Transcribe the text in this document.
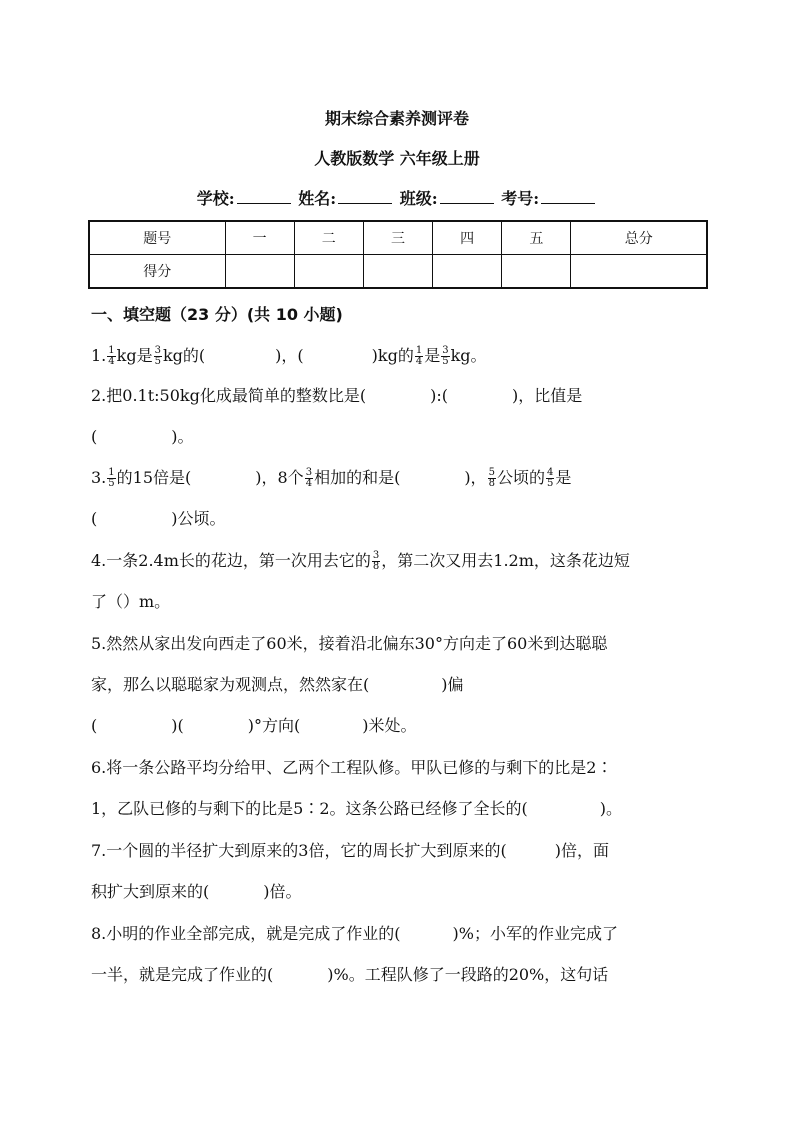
期末综合素养测评卷
人教版数学 六年级上册
学校:	姓名:	班级:	考号:
题号	一	二	三	四	五	总分
得分						
一、填空题（23 分）(共 10 小题)
1. $\frac{1}{4}$ kg是 $\frac{3}{5}$ kg的(	)，(	)kg的 $\frac{1}{4}$ 是 $\frac{3}{5}$ kg。
2.把0.1t:50kg化成最简单的整数比是(	):(	)，比值是
(	)。
3. $\frac{1}{5}$ 的15倍是(	)，8个 $\frac{3}{4}$ 相加的和是(	)， $\frac{5}{8}$ 公顷的 $\frac{4}{5}$ 是
(	)公顷。
4.一条2.4m长的花边，第一次用去它的 $\frac{3}{8}$ ，第二次又用去1.2m，这条花边短
了（）m。
5.然然从家出发向西走了60米，接着沿北偏东30°方向走了60米到达聪聪
家，那么以聪聪家为观测点，然然家在(	)偏
(	)(	)°方向(	)米处。
6.将一条公路平均分给甲、乙两个工程队修。甲队已修的与剩下的比是2∶
1，乙队已修的与剩下的比是5∶2。这条公路已经修了全长的(	)。
7.一个圆的半径扩大到原来的3倍，它的周长扩大到原来的(	)倍，面
积扩大到原来的(	)倍。
8.小明的作业全部完成，就是完成了作业的(	)%；小军的作业完成了
一半，就是完成了作业的(	)%。工程队修了一段路的20%，这句话
